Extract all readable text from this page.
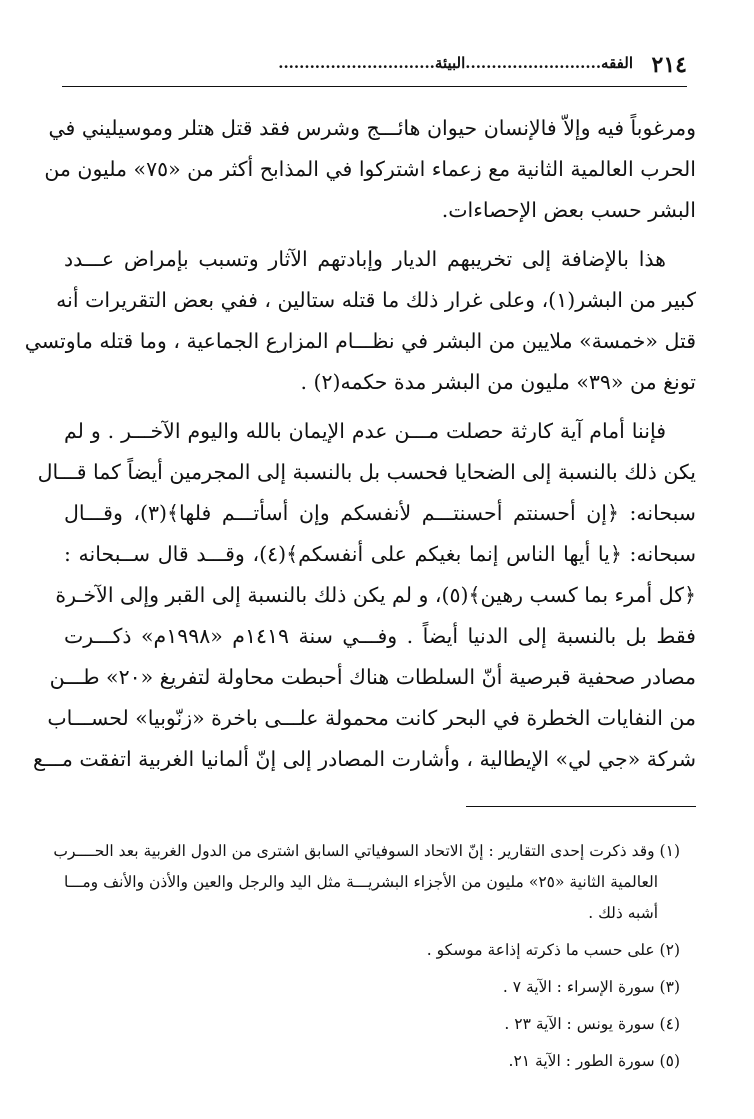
٢١٤
الفقه..........................البيئة..............................
ومرغوباً فيه وإلاّ فالإنسان حيوان هائـــج وشرس فقد قتل هتلر وموسيليني في
الحرب العالمية الثانية مع زعماء اشتركوا في المذابح أكثر من «٧٥» مليون من
البشر حسب بعض الإحصاءات.
هذا بالإضافة إلى تخريبهم الديار وإبادتهم الآثار وتسبب بإمراض عـــدد
كبير من البشر(١)، وعلى غرار ذلك ما قتله ستالين ، ففي بعض التقريرات أنه
قتل «خمسة» ملايين من البشر في نظـــام المزارع الجماعية ، وما قتله ماوتسي
تونغ من «٣٩» مليون من البشر مدة حكمه(٢) .
فإننا أمام آية كارثة حصلت مـــن عدم الإيمان بالله واليوم الآخـــر . و لم
يكن ذلك بالنسبة إلى الضحايا فحسب بل بالنسبة إلى المجرمين أيضاً كما قـــال
سبحانه: ﴿إن أحسنتم أحسنتـــم لأنفسكم وإن أسأتـــم فلها﴾(٣)، وقـــال
سبحانه: ﴿يا أيها الناس إنما بغيكم على أنفسكم﴾(٤)، وقـــد قال ســبحانه :
﴿كل أمرء بما كسب رهين﴾(٥)، و لم يكن ذلك بالنسبة إلى القبر وإلى الآخـرة
فقط بل بالنسبة إلى الدنيا أيضاً . وفـــي سنة ١٤١٩م «١٩٩٨م» ذكـــرت
مصادر صحفية قبرصية أنّ السلطات هناك أحبطت محاولة لتفريغ «٢٠» طـــن
من النفايات الخطرة في البحر كانت محمولة علـــى باخرة «زنّوبيا» لحســـاب
شركة «جي لي» الإيطالية ، وأشارت المصادر إلى إنّ ألمانيا الغربية اتفقت مـــع
(١) وقد ذكرت إحدى التقارير : إنّ الاتحاد السوفياتي السابق اشترى من الدول الغربية بعد الحــــرب
العالمية الثانية «٢٥» مليون من الأجزاء البشريـــة مثل اليد والرجل والعين والأذن والأنف ومـــا
أشبه ذلك .
(٢) على حسب ما ذكرته إذاعة موسكو .
(٣) سورة الإسراء : الآية ٧ .
(٤) سورة يونس : الآية ٢٣ .
(٥) سورة الطور : الآية ٢١.
